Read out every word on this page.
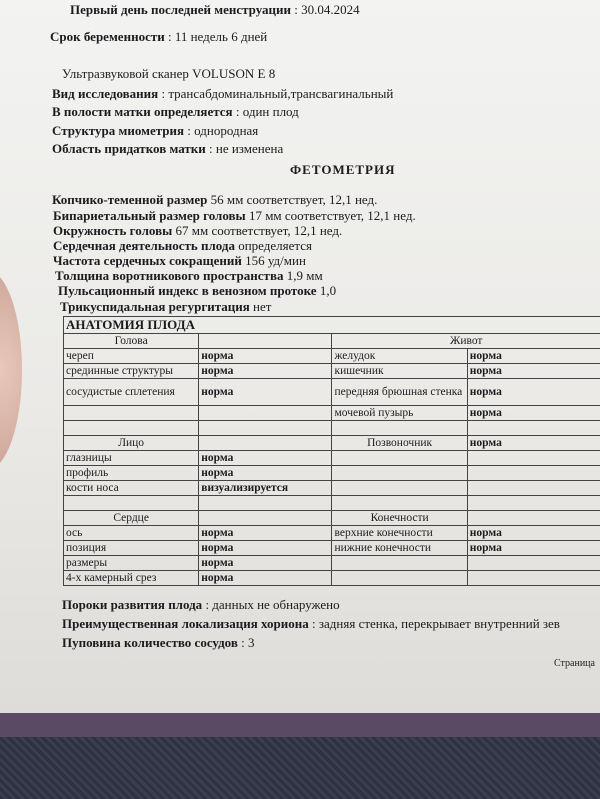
Первый день последней менструации : 30.04.2024
Срок беременности : 11 недель 6 дней
Ультразвуковой сканер VOLUSON E 8
Вид исследования : трансабдоминальный,трансвагинальный
В полости матки определяется : один плод
Структура миометрия : однородная
Область придатков матки : не изменена
ФЕТОМЕТРИЯ
Копчико-теменной размер 56 мм соответствует, 12,1 нед.
Бипариетальный размер головы 17 мм соответствует, 12,1 нед.
Окружность головы 67 мм соответствует, 12,1 нед.
Сердечная деятельность плода определяется
Частота сердечных сокращений 156 уд/мин
Толщина воротникового пространства 1,9 мм
Пульсационный индекс в венозном протоке 1,0
Трикуспидальная регургитация нет
АНАТОМИЯ ПЛОДА			
Голова		Живот	
череп	норма	желудок	норма
срединные структуры	норма	кишечник	норма
сосудистые сплетения	норма	передняя брюшная стенка	норма
		мочевой пузырь	норма

Лицо		Позвоночник	норма
глазницы	норма		
профиль	норма		
кости носа	визуализируется		

Сердце		Конечности	
ось	норма	верхние конечности	норма
позиция	норма	нижние конечности	норма
размеры	норма		
4-х камерный срез	норма		
Пороки развития плода : данных не обнаружено
Преимущественная локализация хориона : задняя стенка, перекрывает внутренний зев
Пуповина количество сосудов : 3
Страница
